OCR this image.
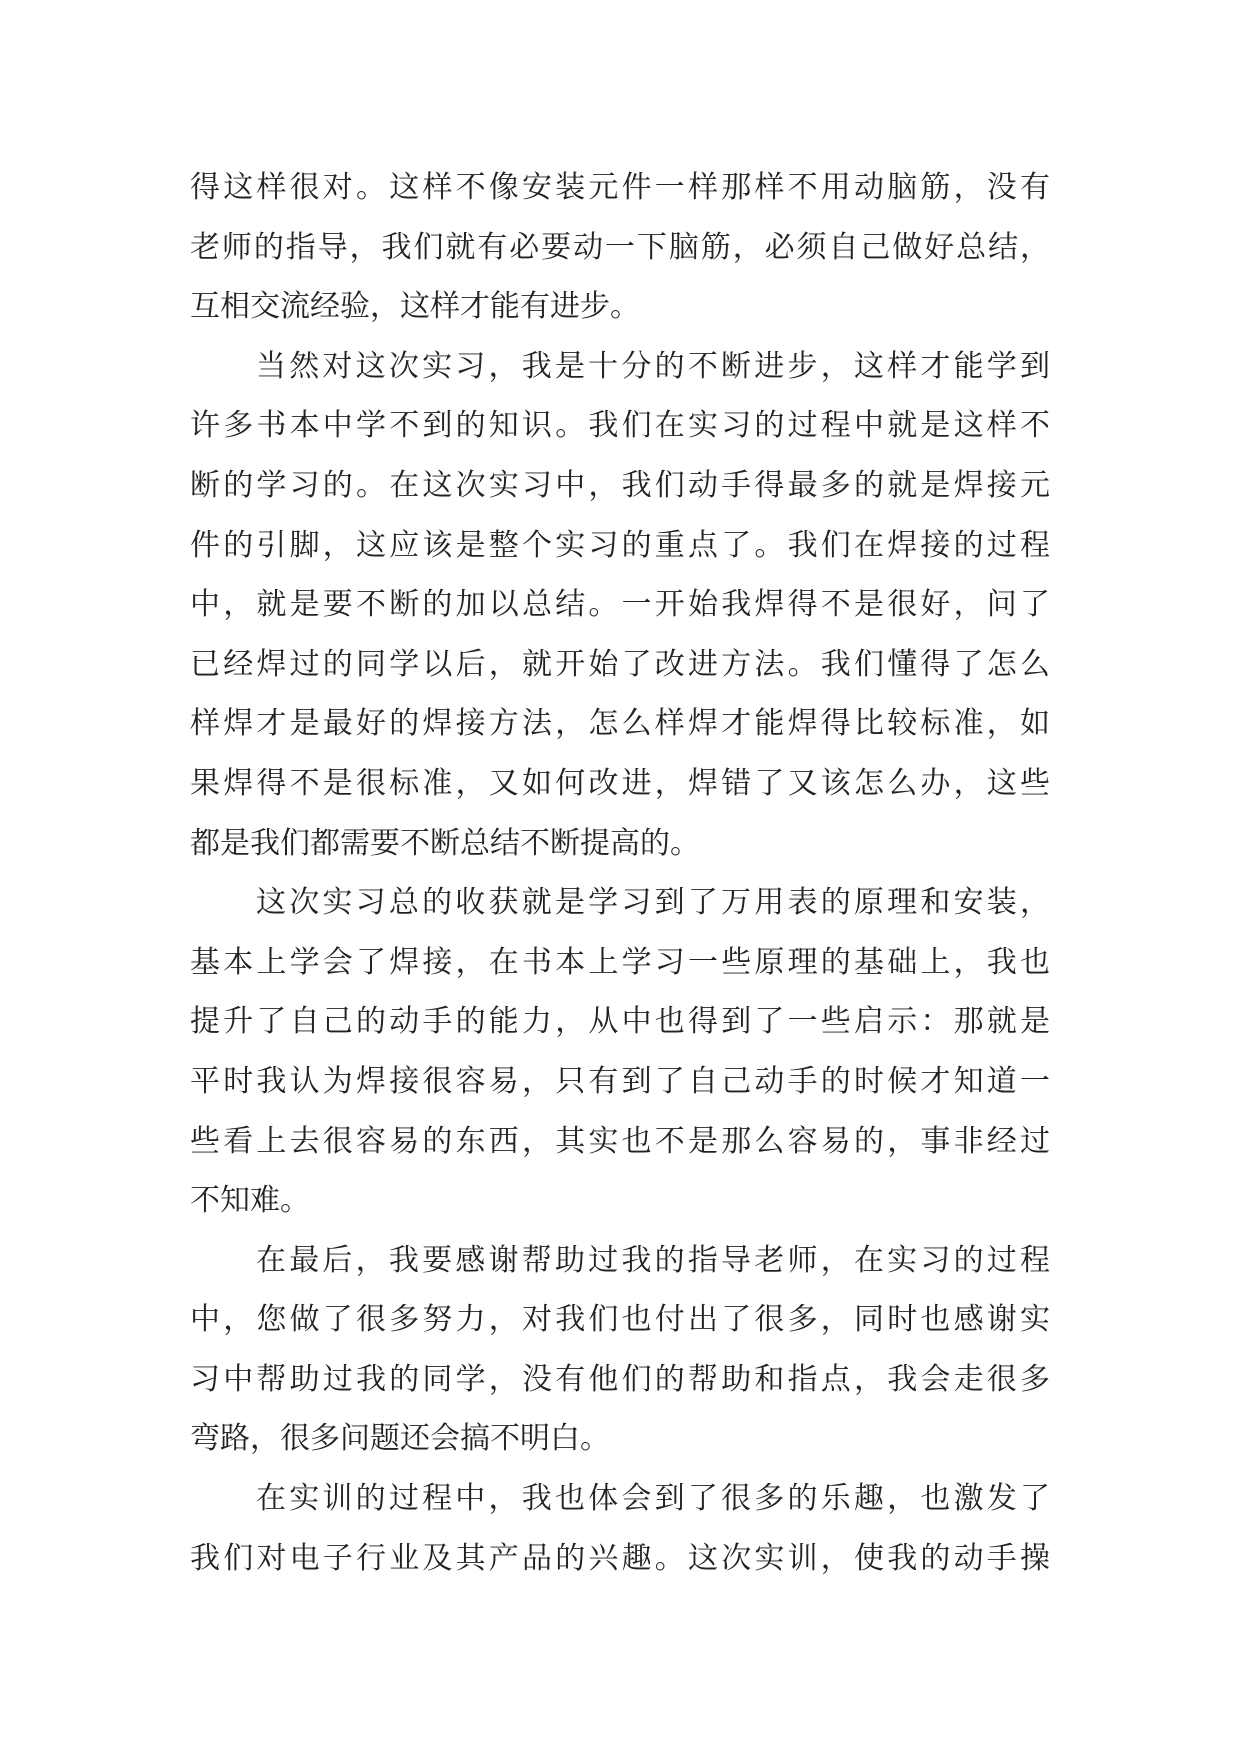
得这样很对。这样不像安装元件一样那样不用动脑筋，没有
老师的指导，我们就有必要动一下脑筋，必须自己做好总结，
互相交流经验，这样才能有进步。
当然对这次实习，我是十分的不断进步，这样才能学到
许多书本中学不到的知识。我们在实习的过程中就是这样不
断的学习的。在这次实习中，我们动手得最多的就是焊接元
件的引脚，这应该是整个实习的重点了。我们在焊接的过程
中，就是要不断的加以总结。一开始我焊得不是很好，问了
已经焊过的同学以后，就开始了改进方法。我们懂得了怎么
样焊才是最好的焊接方法，怎么样焊才能焊得比较标准，如
果焊得不是很标准，又如何改进，焊错了又该怎么办，这些
都是我们都需要不断总结不断提高的。
这次实习总的收获就是学习到了万用表的原理和安装，
基本上学会了焊接，在书本上学习一些原理的基础上，我也
提升了自己的动手的能力，从中也得到了一些启示：那就是
平时我认为焊接很容易，只有到了自己动手的时候才知道一
些看上去很容易的东西，其实也不是那么容易的，事非经过
不知难。
在最后，我要感谢帮助过我的指导老师，在实习的过程
中，您做了很多努力，对我们也付出了很多，同时也感谢实
习中帮助过我的同学，没有他们的帮助和指点，我会走很多
弯路，很多问题还会搞不明白。
在实训的过程中，我也体会到了很多的乐趣，也激发了
我们对电子行业及其产品的兴趣。这次实训，使我的动手操
